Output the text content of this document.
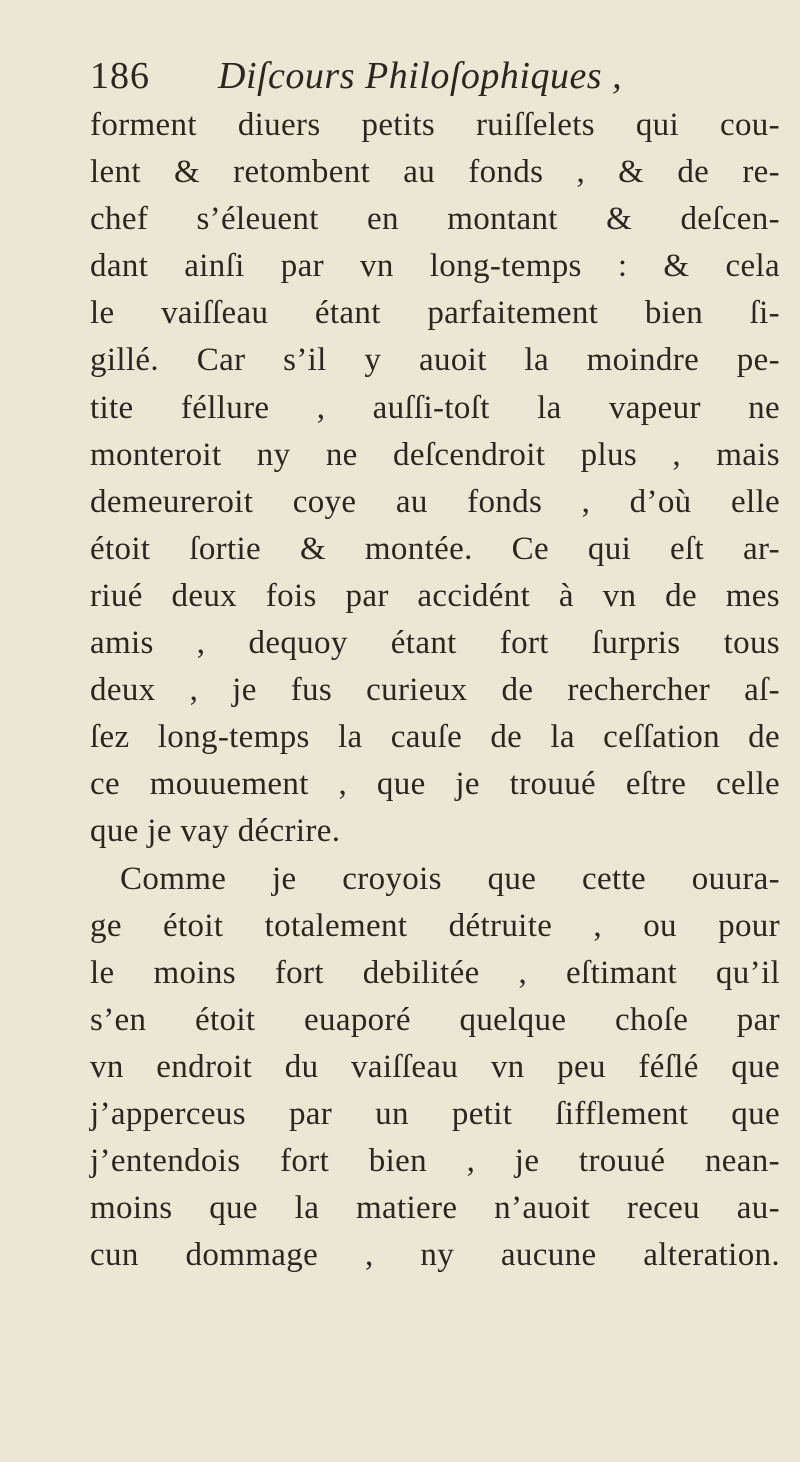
186 Diſcours Philoſophiques ,
forment diuers petits ruiſſelets qui cou-
lent & retombent au fonds , & de re-
chef s’éleuent en montant & deſcen-
dant ainſi par vn long-temps : & cela
le vaiſſeau étant parfaitement bien ſi-
gillé. Car s’il y auoit la moindre pe-
tite féllure , auſſi-toſt la vapeur ne
monteroit ny ne deſcendroit plus , mais
demeureroit coye au fonds , d’où elle
étoit ſortie & montée. Ce qui eſt ar-
riué deux fois par accidént à vn de mes
amis , dequoy étant fort ſurpris tous
deux , je fus curieux de rechercher aſ-
ſez long-temps la cauſe de la ceſſation de
ce mouuement , que je trouué eſtre celle
que je vay décrire.
Comme je croyois que cette ouura-
ge étoit totalement détruite , ou pour
le moins fort debilitée , eſtimant qu’il
s’en étoit euaporé quelque choſe par
vn endroit du vaiſſeau vn peu féſlé que
j’apperceus par un petit ſifflement que
j’entendois fort bien , je trouué nean-
moins que la matiere n’auoit receu au-
cun dommage , ny aucune alteration.
